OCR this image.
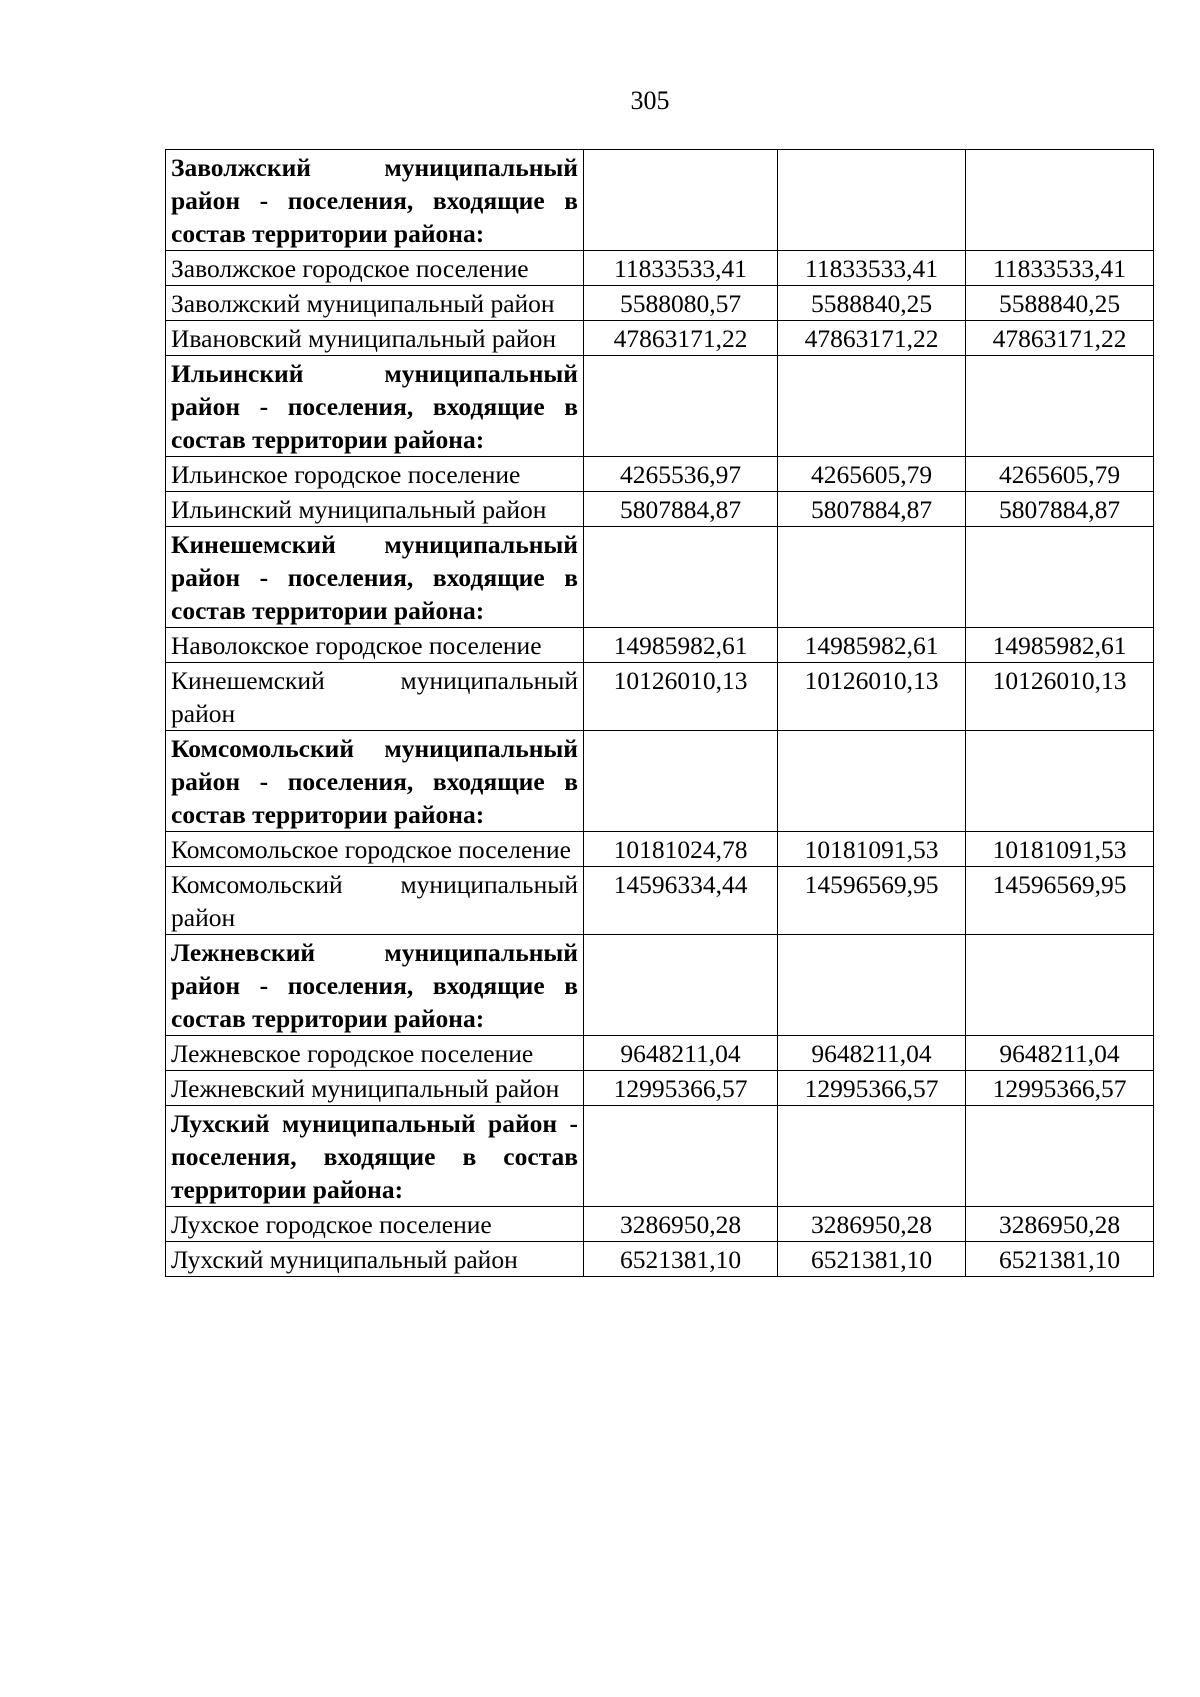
305
Заволжский муниципальный район - поселения, входящие в состав территории района:			
Заволжское городское поселение	11833533,41	11833533,41	11833533,41
Заволжский муниципальный район	5588080,57	5588840,25	5588840,25
Ивановский муниципальный район	47863171,22	47863171,22	47863171,22
Ильинский муниципальный район - поселения, входящие в состав территории района:			
Ильинское городское поселение	4265536,97	4265605,79	4265605,79
Ильинский муниципальный район	5807884,87	5807884,87	5807884,87
Кинешемский муниципальный район - поселения, входящие в состав территории района:			
Наволокское городское поселение	14985982,61	14985982,61	14985982,61
Кинешемский муниципальный район	10126010,13	10126010,13	10126010,13
Комсомольский муниципальный район - поселения, входящие в состав территории района:			
Комсомольское городское поселение	10181024,78	10181091,53	10181091,53
Комсомольский муниципальный район	14596334,44	14596569,95	14596569,95
Лежневский муниципальный район - поселения, входящие в состав территории района:			
Лежневское городское поселение	9648211,04	9648211,04	9648211,04
Лежневский муниципальный район	12995366,57	12995366,57	12995366,57
Лухский муниципальный район - поселения, входящие в состав территории района:			
Лухское городское поселение	3286950,28	3286950,28	3286950,28
Лухский муниципальный район	6521381,10	6521381,10	6521381,10
